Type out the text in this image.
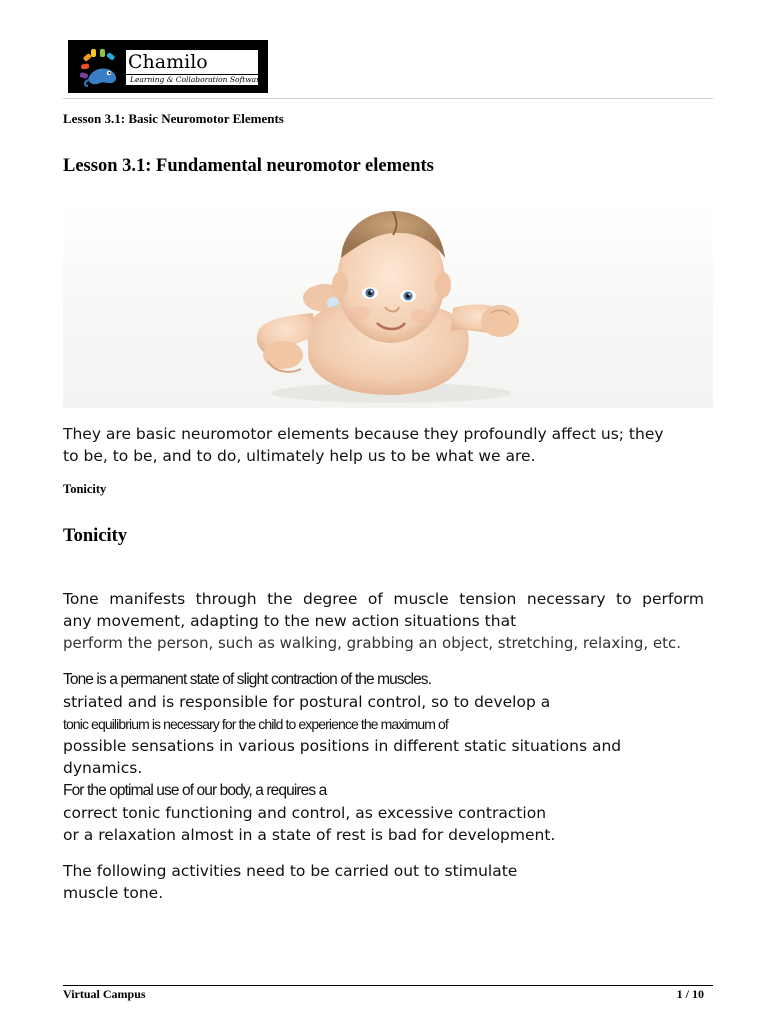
Chamilo
Learning & Collaboration Software
Lesson 3.1: Basic Neuromotor Elements
Lesson 3.1: Fundamental neuromotor elements
They are basic neuromotor elements because they profoundly affect us; they
to be, to be, and to do, ultimately help us to be what we are.
Tonicity
Tonicity
Tone manifests through the degree of muscle tension necessary to perform
any movement, adapting to the new action situations that
perform the person, such as walking, grabbing an object, stretching, relaxing, etc.
Tone is a permanent state of slight contraction of the muscles.
striated and is responsible for postural control, so to develop a
tonic equilibrium is necessary for the child to experience the maximum of
possible sensations in various positions in different static situations and
dynamics.
For the optimal use of our body, a requires a
correct tonic functioning and control, as excessive contraction
or a relaxation almost in a state of rest is bad for development.
The following activities need to be carried out to stimulate
muscle tone.
Virtual Campus	1 / 10
